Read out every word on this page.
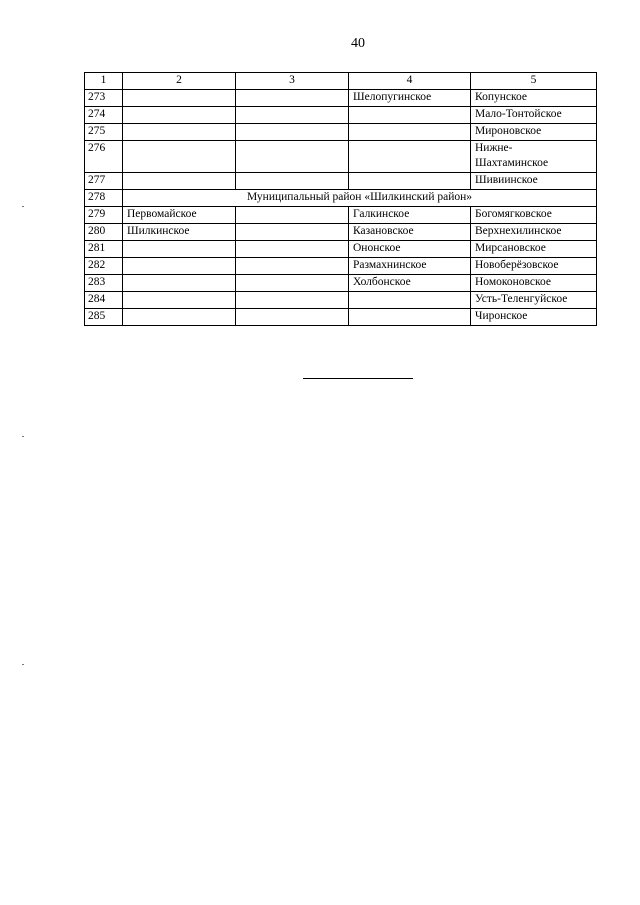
40
1	2	3	4	5
273			Шелопугинское	Копунское
274				Мало-Тонтойское
275				Мироновское
276				Нижне-
Шахтаминское
277				Шивиинское
278	Муниципальный район «Шилкинский район»			
279	Первомайское		Галкинское	Богомягковское
280	Шилкинское		Казановское	Верхнехилинское
281			Ононское	Мирсановское
282			Размахнинское	Новоберёзовское
283			Холбонское	Номоконовское
284				Усть-Теленгуйское
285				Чиронское
